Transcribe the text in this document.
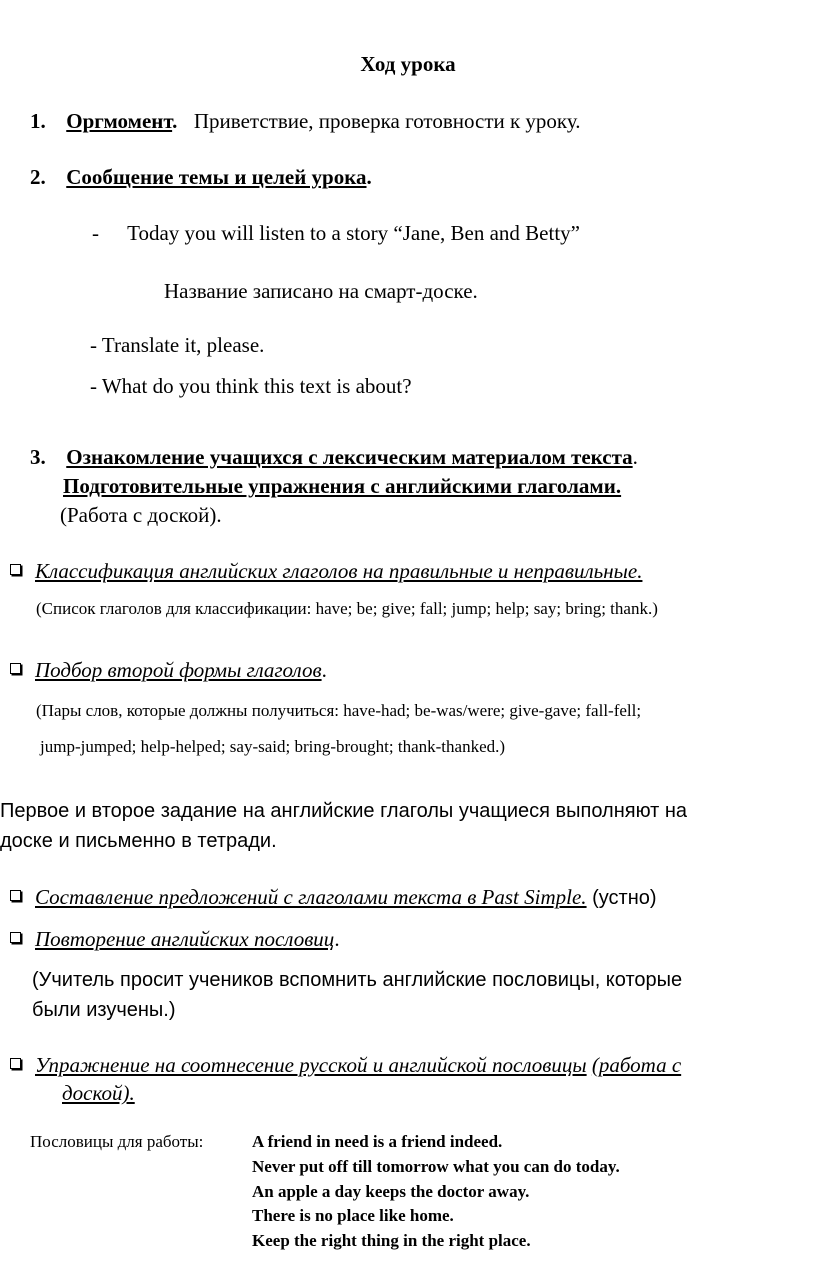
Ход урока
1. Оргмомент. Приветствие, проверка готовности к уроку.
2. Сообщение темы и целей урока.
- Today you will listen to a story “Jane, Ben and Betty”
Название записано на смарт-доске.
- Translate it, please.
- What do you think this text is about?
3. Ознакомление учащихся с лексическим материалом текста.
Подготовительные упражнения с английскими глаголами.
(Работа с доской).
Классификация английских глаголов на правильные и неправильные.
(Список глаголов для классификации: have; be; give; fall; jump; help; say; bring; thank.)
Подбор второй формы глаголов.
(Пары слов, которые должны получиться: have-had; be-was/were; give-gave; fall-fell;
jump-jumped; help-helped; say-said; bring-brought; thank-thanked.)
Первое и второе задание на английские глаголы учащиеся выполняют на
доске и письменно в тетради.
Составление предложений с глаголами текста в Past Simple. (устно)
Повторение английских пословиц.
(Учитель просит учеников вспомнить английские пословицы, которые
были изучены.)
Упражнение на соотнесение русской и английской пословицы (работа с
доской).
Пословицы для работы:	A friend in need is a friend indeed.
Never put off till tomorrow what you can do today.
An apple a day keeps the doctor away.
There is no place like home.
Keep the right thing in the right place.
